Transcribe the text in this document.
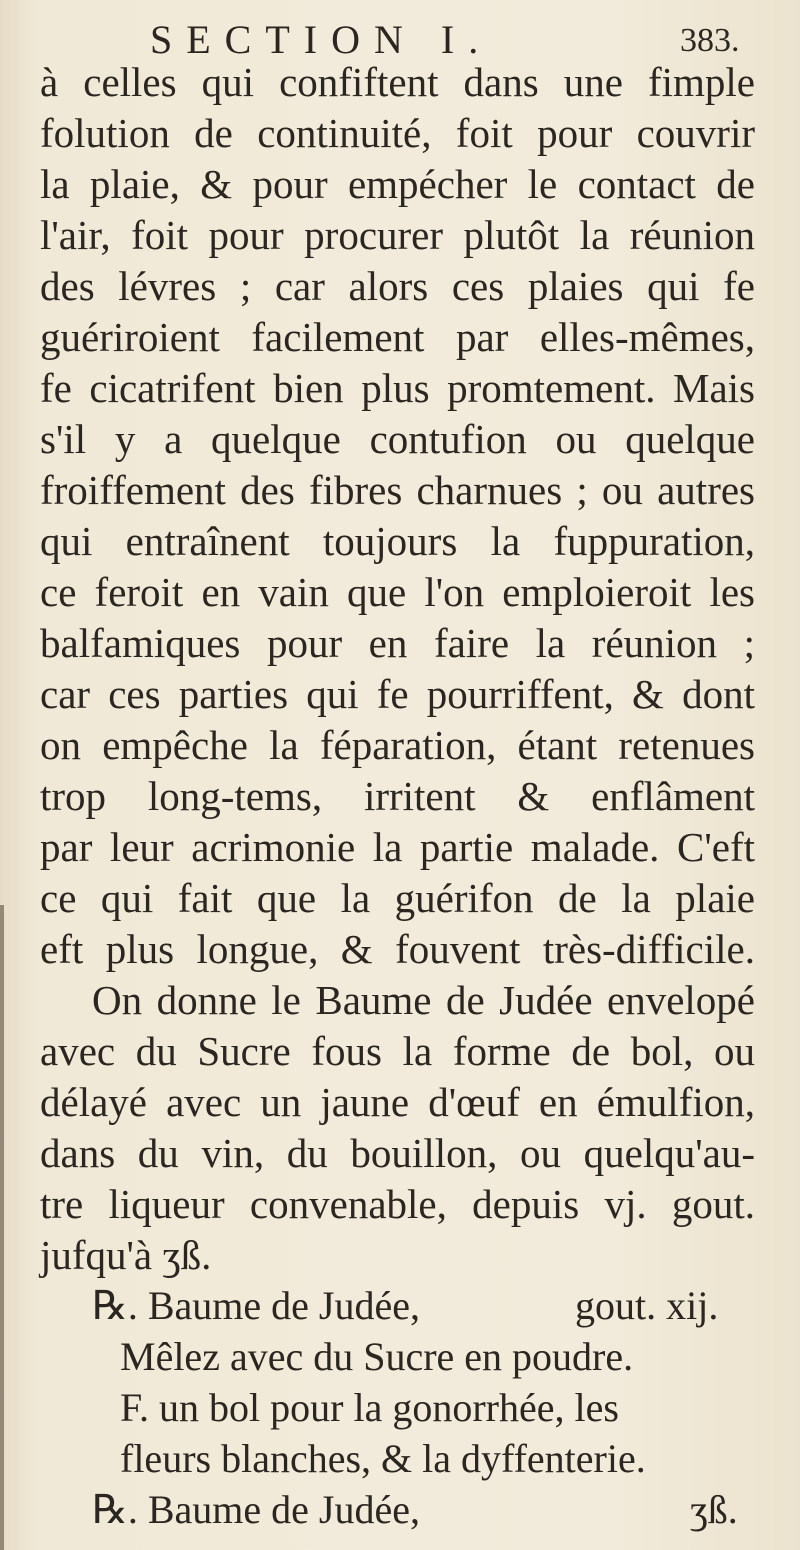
SECTION I.	383.
à celles qui confiftent dans une fimple
folution de continuité, foit pour couvrir
la plaie, & pour empécher le contact de
l'air, foit pour procurer plutôt la réunion
des lévres ; car alors ces plaies qui fe
guériroient facilement par elles-mêmes,
fe cicatrifent bien plus promtement. Mais
s'il y a quelque contufion ou quelque
froiffement des fibres charnues ; ou autres
qui entraînent toujours la fuppuration,
ce feroit en vain que l'on emploieroit les
balfamiques pour en faire la réunion ;
car ces parties qui fe pourriffent, & dont
on empêche la féparation, étant retenues
trop long-tems, irritent & enflâment
par leur acrimonie la partie malade. C'eft
ce qui fait que la guérifon de la plaie
eft plus longue, & fouvent très-difficile.
On donne le Baume de Judée envelopé
avec du Sucre fous la forme de bol, ou
délayé avec un jaune d'œuf en émulfion,
dans du vin, du bouillon, ou quelqu'au-
tre liqueur convenable, depuis vj. gout.
jufqu'à ʒß.
℞. Baume de Judée,	gout. xij.
Mêlez avec du Sucre en poudre.
F. un bol pour la gonorrhée, les
fleurs blanches, & la dyffenterie.
℞. Baume de Judée,	ʒß.
